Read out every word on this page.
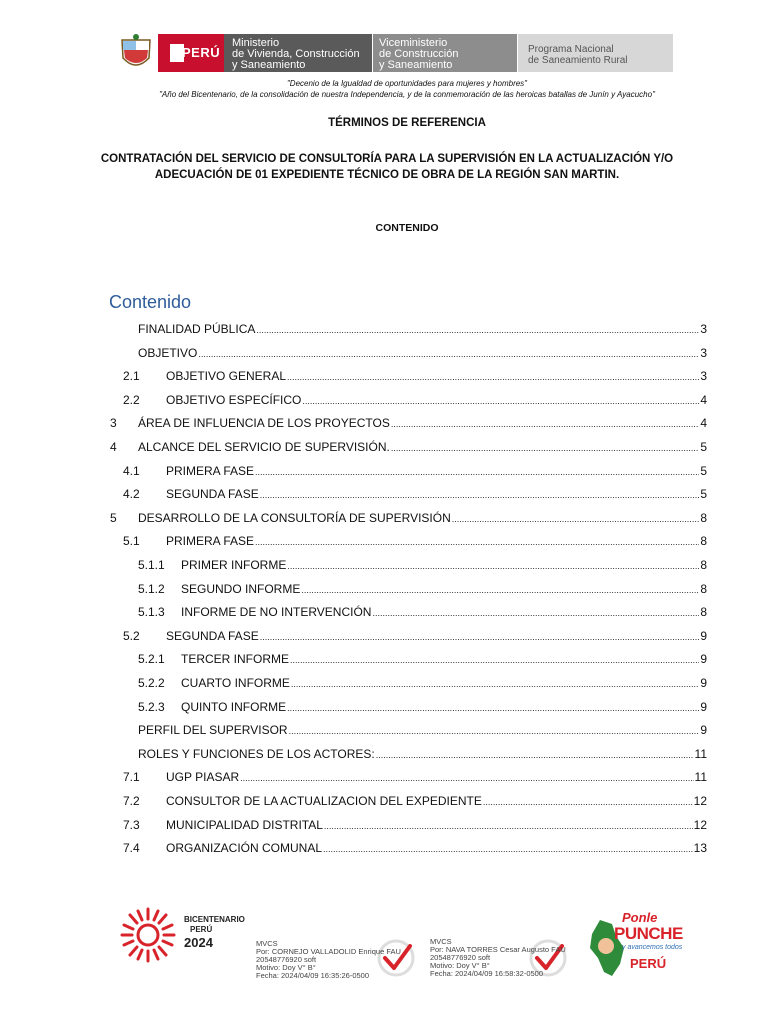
PERÚ
Ministerio
de Vivienda, Construcción
y Saneamiento
Viceministerio
de Construcción
y Saneamiento
Programa Nacional
de Saneamiento Rural
"Decenio de la Igualdad de oportunidades para mujeres y hombres"
"Año del Bicentenario, de la consolidación de nuestra Independencia, y de la conmemoración de las heroicas batallas de Junín y Ayacucho"
TÉRMINOS DE REFERENCIA
CONTRATACIÓN DEL SERVICIO DE CONSULTORÍA PARA LA SUPERVISIÓN EN LA ACTUALIZACIÓN Y/O
ADECUACIÓN DE 01 EXPEDIENTE TÉCNICO DE OBRA DE LA REGIÓN SAN MARTIN.
CONTENIDO
Contenido
FINALIDAD PÚBLICA .....	3
OBJETIVO .....	3
2.1 OBJETIVO GENERAL .....	3
2.2 OBJETIVO ESPECÍFICO .....	4
3 ÁREA DE INFLUENCIA DE LOS PROYECTOS .....	4
4 ALCANCE DEL SERVICIO DE SUPERVISIÓN. .....	5
4.1 PRIMERA FASE .....	5
4.2 SEGUNDA FASE .....	5
5 DESARROLLO DE LA CONSULTORÍA DE SUPERVISIÓN .....	8
5.1 PRIMERA FASE .....	8
5.1.1 PRIMER INFORME .....	8
5.1.2 SEGUNDO INFORME .....	8
5.1.3 INFORME DE NO INTERVENCIÓN .....	8
5.2 SEGUNDA FASE .....	9
5.2.1 TERCER INFORME .....	9
5.2.2 CUARTO INFORME .....	9
5.2.3 QUINTO INFORME .....	9
PERFIL DEL SUPERVISOR .....	9
ROLES Y FUNCIONES DE LOS ACTORES: .....	11
7.1 UGP PIASAR .....	11
7.2 CONSULTOR DE LA ACTUALIZACION DEL EXPEDIENTE .....	12
7.3 MUNICIPALIDAD DISTRITAL .....	12
7.4 ORGANIZACIÓN COMUNAL .....	13
BICENTENARIO
PERÚ
2024	MVCS
Por: CORNEJO VALLADOLID Enrique FAU
20548776920 soft
Motivo: Doy V° B°
Fecha: 2024/04/09 16:35:26-0500
MVCS
Por: NAVA TORRES Cesar Augusto FAU
20548776920 soft
Motivo: Doy V° B°
Fecha: 2024/04/09 16:58:32-0500
Ponle
PUNCHE
y avancemos todos
PERÚ
